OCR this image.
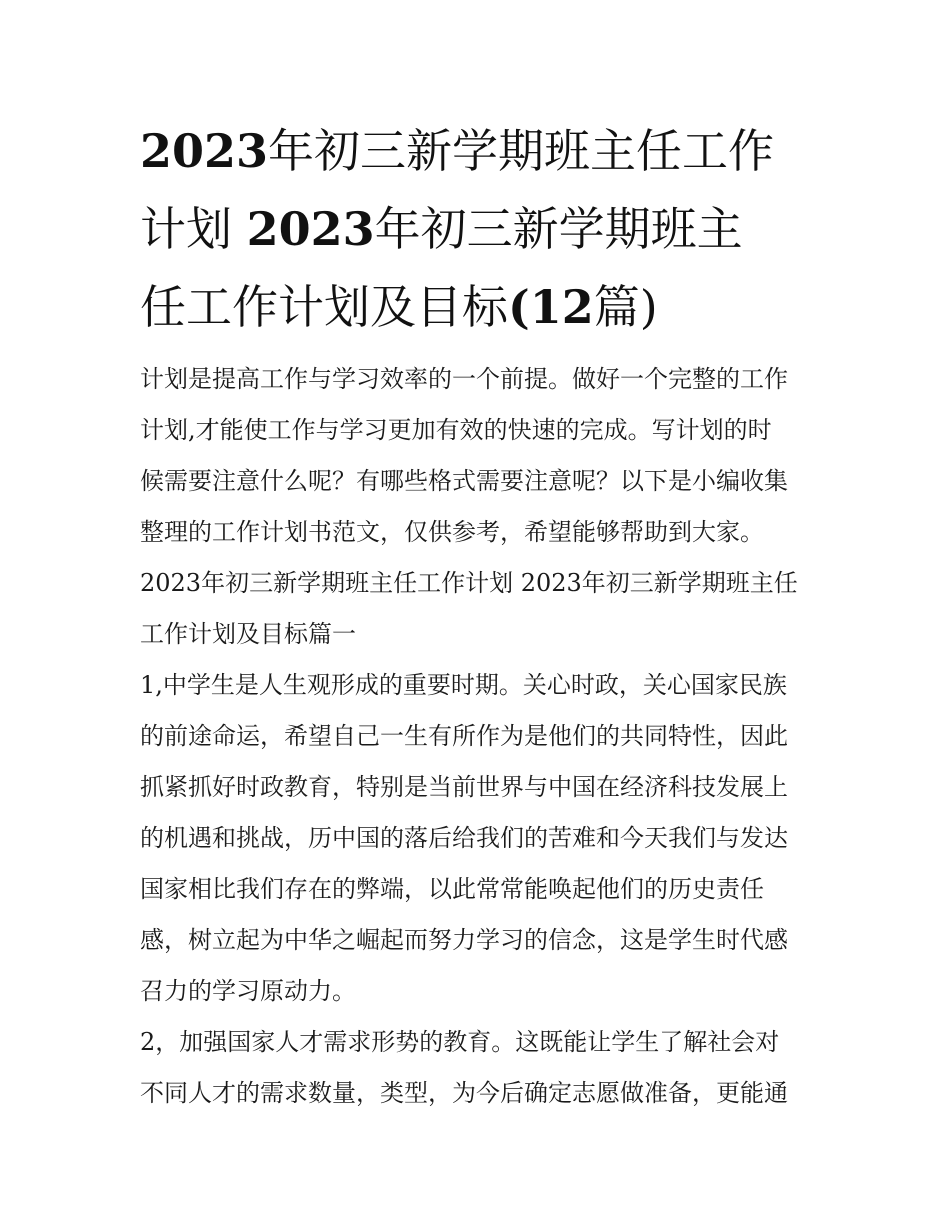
2023年初三新学期班主任工作
计划 2023年初三新学期班主
任工作计划及目标(12篇)
计划是提高工作与学习效率的一个前提。做好一个完整的工作
计划,才能使工作与学习更加有效的快速的完成。写计划的时
候需要注意什么呢？有哪些格式需要注意呢？以下是小编收集
整理的工作计划书范文，仅供参考，希望能够帮助到大家。
2023年初三新学期班主任工作计划 2023年初三新学期班主任
工作计划及目标篇一
1,中学生是人生观形成的重要时期。关心时政，关心国家民族
的前途命运，希望自己一生有所作为是他们的共同特性，因此
抓紧抓好时政教育，特别是当前世界与中国在经济科技发展上
的机遇和挑战，历中国的落后给我们的苦难和今天我们与发达
国家相比我们存在的弊端，以此常常能唤起他们的历史责任
感，树立起为中华之崛起而努力学习的信念，这是学生时代感
召力的学习原动力。
2，加强国家人才需求形势的教育。这既能让学生了解社会对
不同人才的需求数量，类型，为今后确定志愿做准备，更能通
